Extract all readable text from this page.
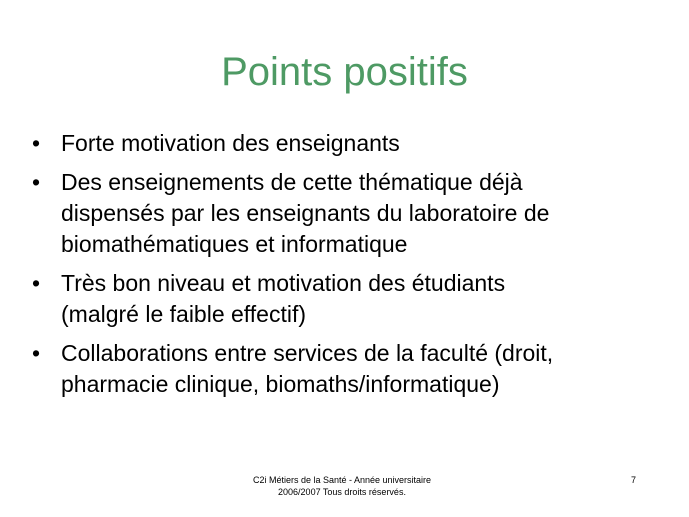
Points positifs
• Forte motivation des enseignants
• Des enseignements de cette thématique déjà
dispensés par les enseignants du laboratoire de
biomathématiques et informatique
• Très bon niveau et motivation des étudiants
(malgré le faible effectif)
• Collaborations entre services de la faculté (droit,
pharmacie clinique, biomaths/informatique)

C2i Métiers de la Santé - Année universitaire
2006/2007 Tous droits réservés.

7
